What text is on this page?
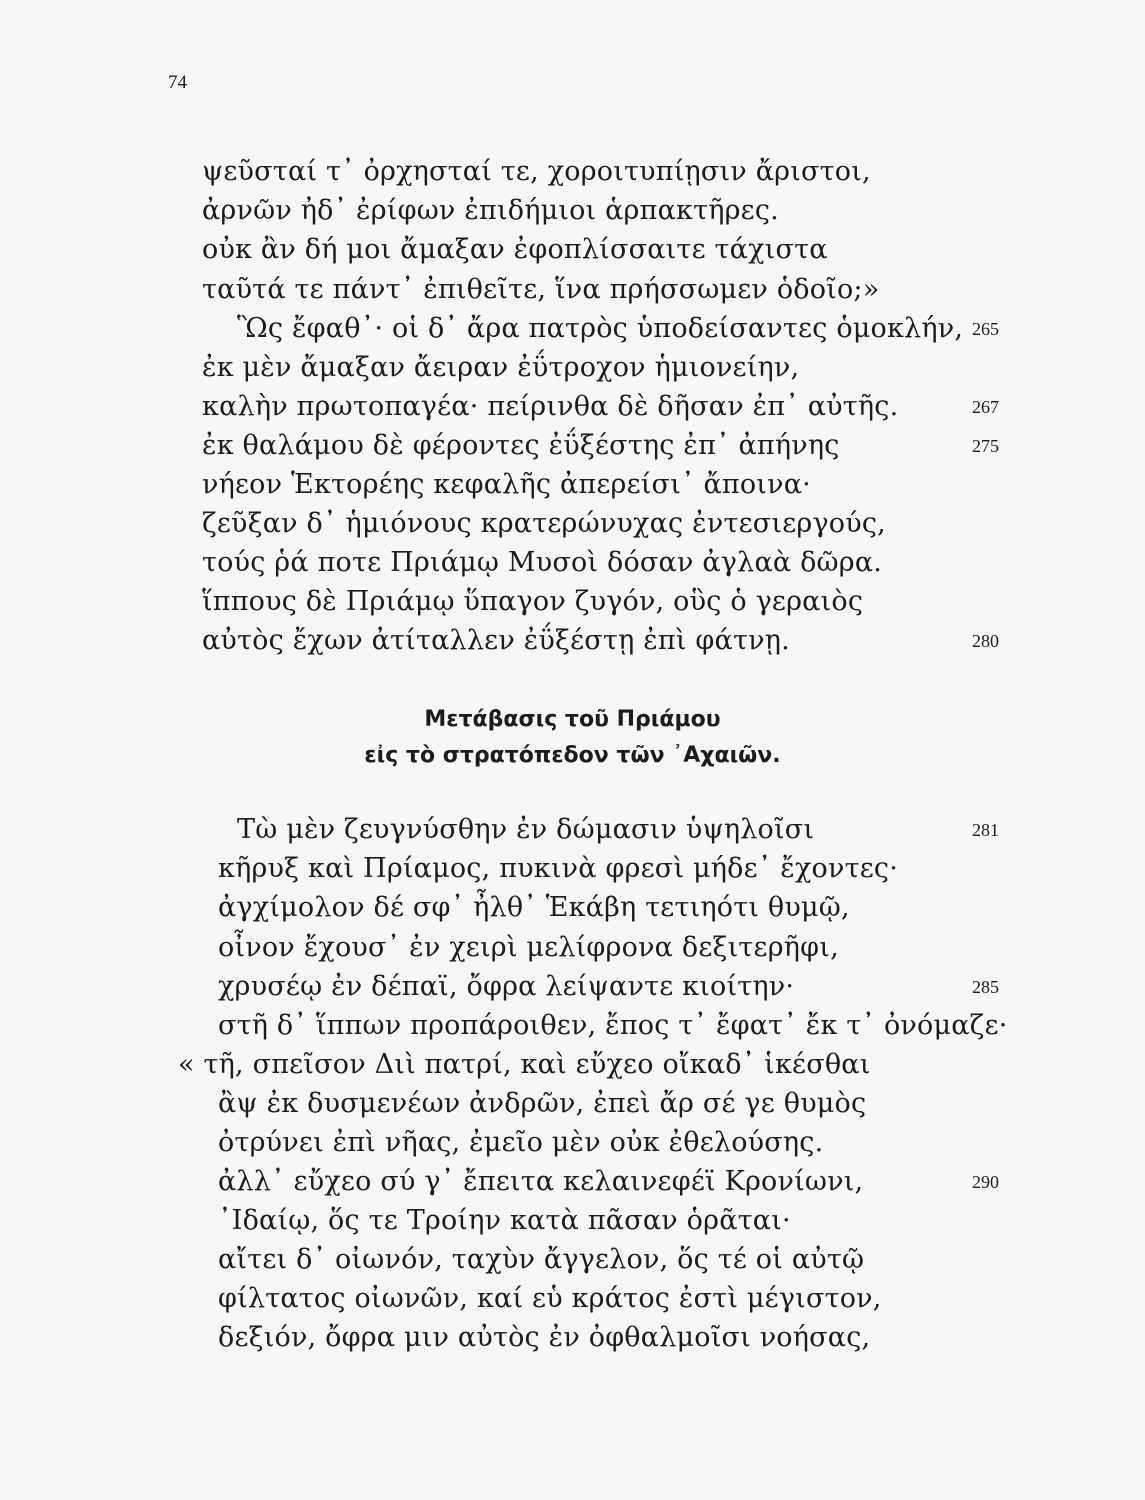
74
ψεῦσταί τ᾿ ὀρχησταί τε, χοροιτυπίῃσιν ἄριστοι,
ἀρνῶν ἠδ᾿ ἐρίφων ἐπιδήμιοι ἁρπακτῆρες.
οὐκ ἂν δή μοι ἄμαξαν ἐφοπλίσσαιτε τάχιστα
ταῦτά τε πάντ᾿ ἐπιθεῖτε, ἵνα πρήσσωμεν ὁδοῖο;»
Ὣς ἔφαθ᾿· οἱ δ᾿ ἄρα πατρὸς ὑποδείσαντες ὁμοκλήν,
ἐκ μὲν ἄμαξαν ἄειραν ἐΰτροχον ἡμιονείην,
καλὴν πρωτοπαγέα· πείρινθα δὲ δῆσαν ἐπ᾿ αὐτῆς.
ἐκ θαλάμου δὲ φέροντες ἐΰξέστης ἐπ᾿ ἀπήνης
νήεον Ἑκτορέης κεφαλῆς ἀπερείσι᾿ ἄποινα·
ζεῦξαν δ᾿ ἡμιόνους κρατερώνυχας ἐντεσιεργούς,
τούς ῥά ποτε Πριάμῳ Μυσοὶ δόσαν ἀγλαὰ δῶρα.
ἵππους δὲ Πριάμῳ ὕπαγον ζυγόν, οὓς ὁ γεραιὸς
αὐτὸς ἔχων ἀτίταλλεν ἐΰξέστῃ ἐπὶ φάτνῃ.
265
267
275
280
Μετάβασις τοῦ Πριάμου
εἰς τὸ στρατόπεδον τῶν ᾿Αχαιῶν.
Τὼ μὲν ζευγνύσθην ἐν δώμασιν ὑψηλοῖσι
κῆρυξ καὶ Πρίαμος, πυκινὰ φρεσὶ μήδε᾿ ἔχοντες·
ἀγχίμολον δέ σφ᾿ ἦλθ᾿ Ἑκάβη τετιηότι θυμῷ,
οἶνον ἔχουσ᾿ ἐν χειρὶ μελίφρονα δεξιτερῆφι,
χρυσέῳ ἐν δέπαϊ, ὄφρα λείψαντε κιοίτην·
στῆ δ᾿ ἵππων προπάροιθεν, ἔπος τ᾿ ἔφατ᾿ ἔκ τ᾿ ὀνόμαζε·
« τῆ, σπεῖσον Διὶ πατρί, καὶ εὔχεο οἴκαδ᾿ ἱκέσθαι
ἂψ ἐκ δυσμενέων ἀνδρῶν, ἐπεὶ ἄρ σέ γε θυμὸς
ὀτρύνει ἐπὶ νῆας, ἐμεῖο μὲν οὐκ ἐθελούσης.
ἀλλ᾿ εὔχεο σύ γ᾿ ἔπειτα κελαινεφέϊ Κρονίωνι,
᾿Ιδαίῳ, ὅς τε Τροίην κατὰ πᾶσαν ὁρᾶται·
αἴτει δ᾿ οἰωνόν, ταχὺν ἄγγελον, ὅς τέ οἱ αὐτῷ
φίλτατος οἰωνῶν, καί εὑ κράτος ἐστὶ μέγιστον,
δεξιόν, ὄφρα μιν αὐτὸς ἐν ὀφθαλμοῖσι νοήσας,
281
285
290
